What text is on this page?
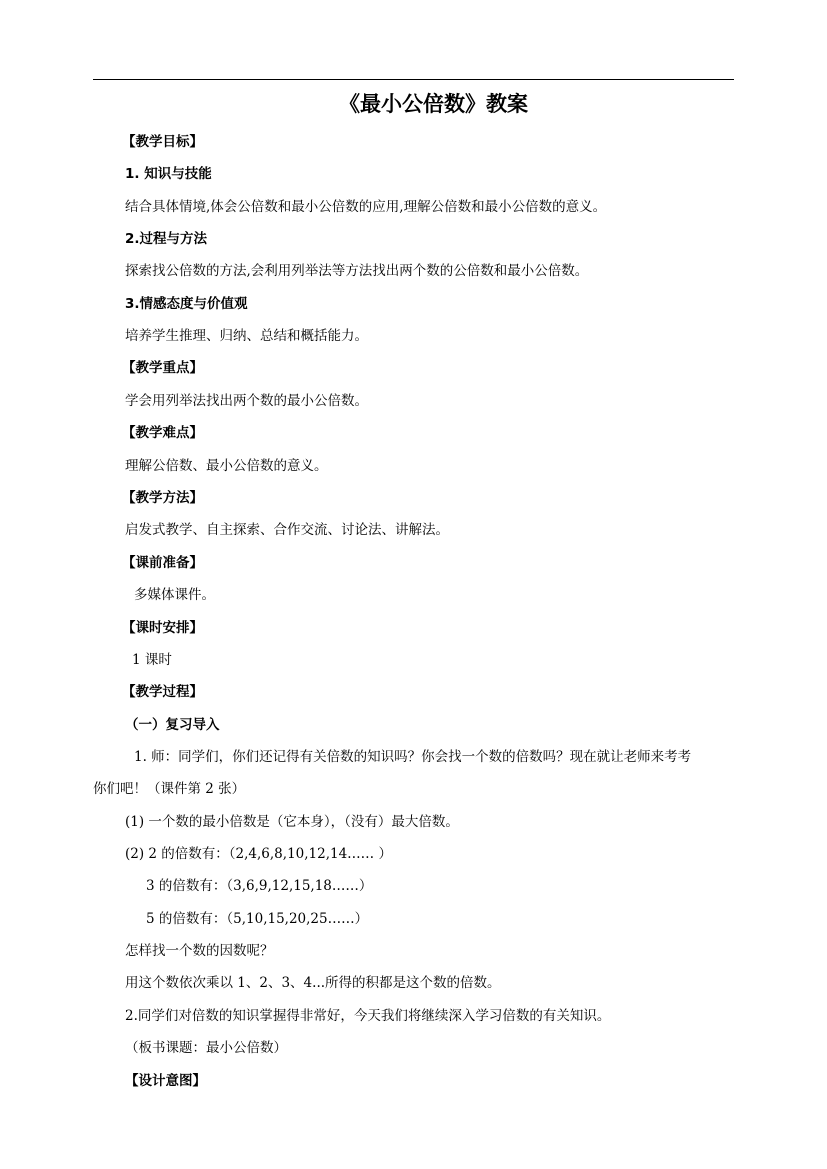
《最小公倍数》教案
【教学目标】
1. 知识与技能
结合具体情境,体会公倍数和最小公倍数的应用,理解公倍数和最小公倍数的意义。
2.过程与方法
探索找公倍数的方法,会利用列举法等方法找出两个数的公倍数和最小公倍数。
3.情感态度与价值观
培养学生推理、归纳、总结和概括能力。
【教学重点】
学会用列举法找出两个数的最小公倍数。
【教学难点】
理解公倍数、最小公倍数的意义。
【教学方法】
启发式教学、自主探索、合作交流、讨论法、讲解法。
【课前准备】
多媒体课件。
【课时安排】
1 课时
【教学过程】
（一）复习导入
1. 师：同学们，你们还记得有关倍数的知识吗？你会找一个数的倍数吗？现在就让老师来考考
你们吧！（课件第 2 张）
(1) 一个数的最小倍数是（它本身），（没有）最大倍数。
(2) 2 的倍数有：（2,4,6,8,10,12,14…… ）
3 的倍数有：（3,6,9,12,15,18……）
5 的倍数有：（5,10,15,20,25……）
怎样找一个数的因数呢？
用这个数依次乘以 1、2、3、4...所得的积都是这个数的倍数。
2.同学们对倍数的知识掌握得非常好，今天我们将继续深入学习倍数的有关知识。
（板书课题：最小公倍数）
【设计意图】
